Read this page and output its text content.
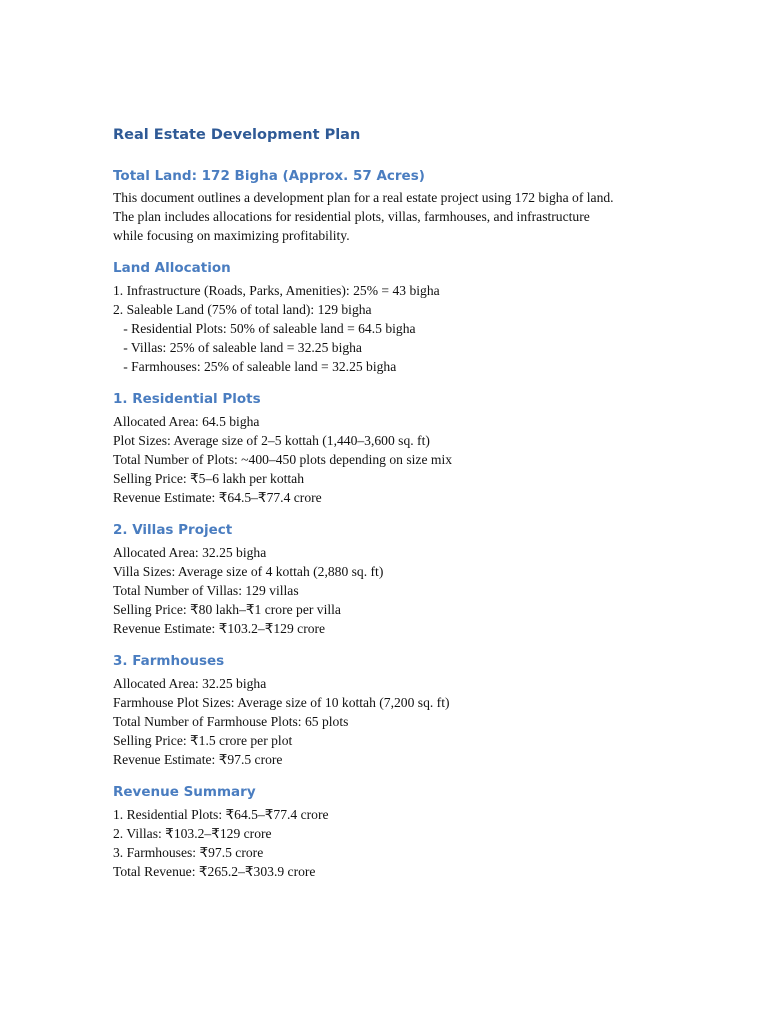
Real Estate Development Plan
Total Land: 172 Bigha (Approx. 57 Acres)
This document outlines a development plan for a real estate project using 172 bigha of land.
The plan includes allocations for residential plots, villas, farmhouses, and infrastructure
while focusing on maximizing profitability.
Land Allocation
1. Infrastructure (Roads, Parks, Amenities): 25% = 43 bigha
2. Saleable Land (75% of total land): 129 bigha
- Residential Plots: 50% of saleable land = 64.5 bigha
- Villas: 25% of saleable land = 32.25 bigha
- Farmhouses: 25% of saleable land = 32.25 bigha
1. Residential Plots
Allocated Area: 64.5 bigha
Plot Sizes: Average size of 2–5 kottah (1,440–3,600 sq. ft)
Total Number of Plots: ~400–450 plots depending on size mix
Selling Price: ₹5–6 lakh per kottah
Revenue Estimate: ₹64.5–₹77.4 crore
2. Villas Project
Allocated Area: 32.25 bigha
Villa Sizes: Average size of 4 kottah (2,880 sq. ft)
Total Number of Villas: 129 villas
Selling Price: ₹80 lakh–₹1 crore per villa
Revenue Estimate: ₹103.2–₹129 crore
3. Farmhouses
Allocated Area: 32.25 bigha
Farmhouse Plot Sizes: Average size of 10 kottah (7,200 sq. ft)
Total Number of Farmhouse Plots: 65 plots
Selling Price: ₹1.5 crore per plot
Revenue Estimate: ₹97.5 crore
Revenue Summary
1. Residential Plots: ₹64.5–₹77.4 crore
2. Villas: ₹103.2–₹129 crore
3. Farmhouses: ₹97.5 crore
Total Revenue: ₹265.2–₹303.9 crore
